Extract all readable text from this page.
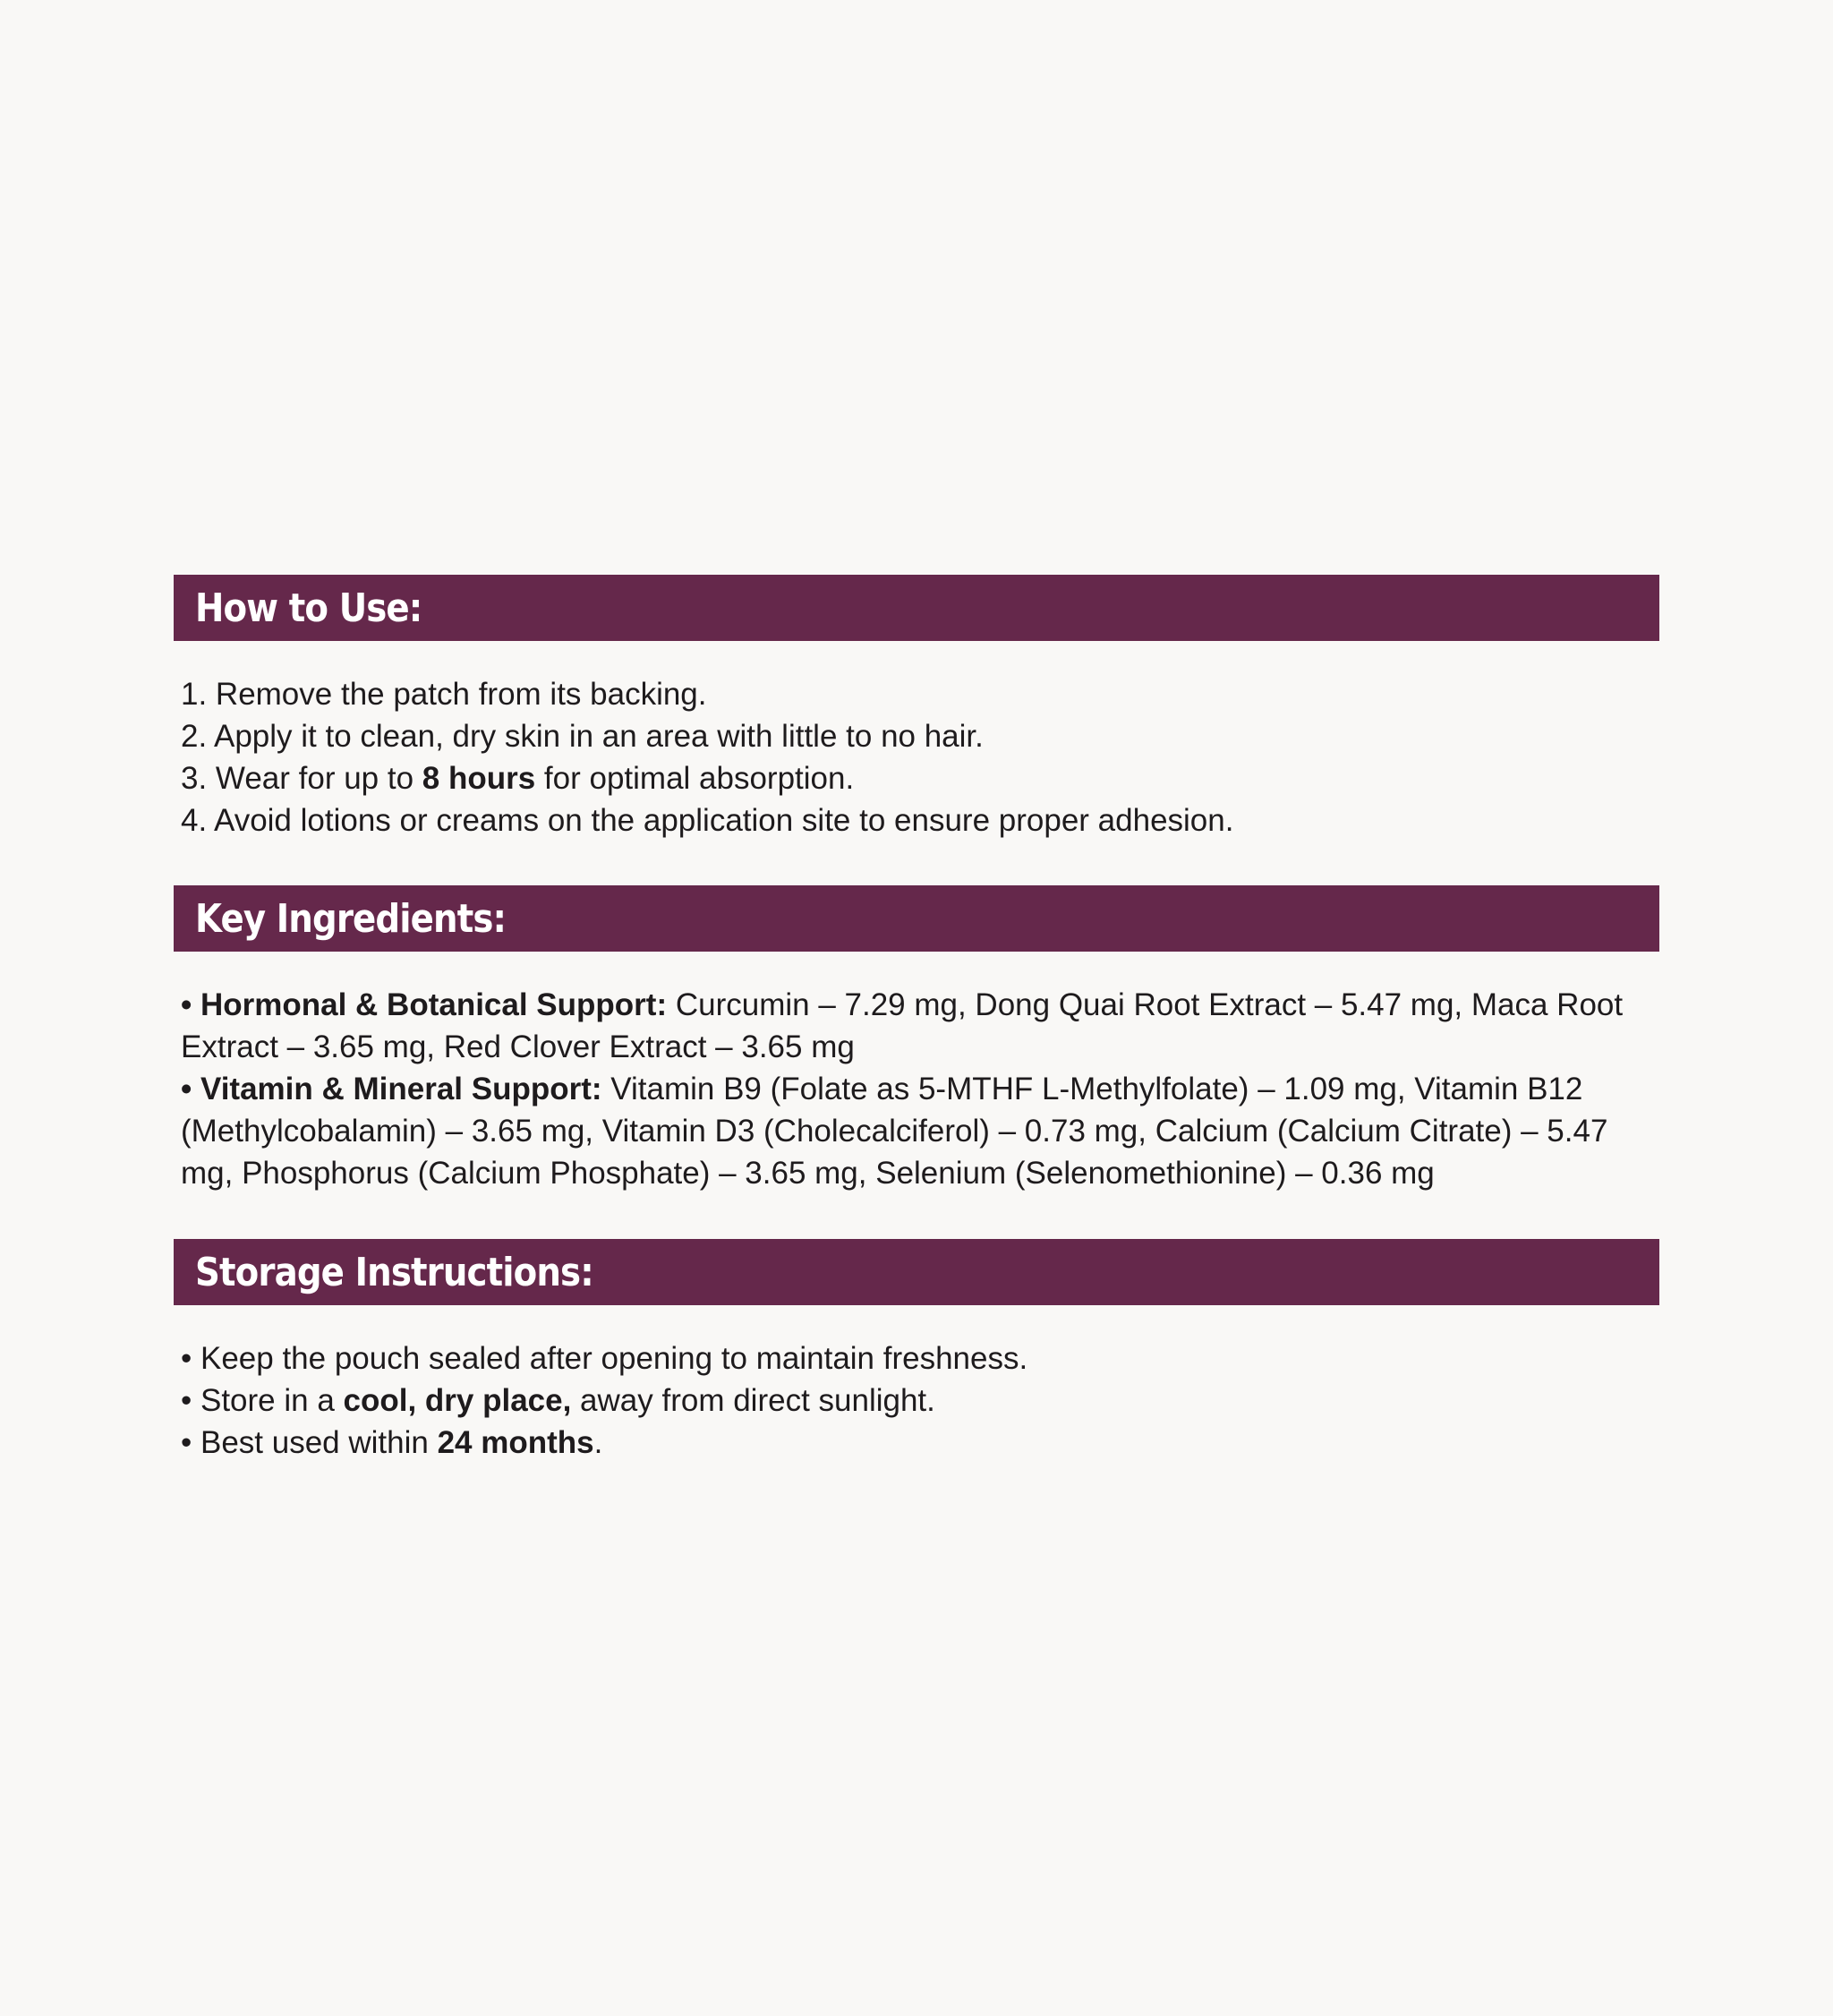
How to Use:

1. Remove the patch from its backing.

2. Apply it to clean, dry skin in an area with little to no hair.

3. Wear for up to 8 hours for optimal absorption.

4. Avoid lotions or creams on the application site to ensure proper adhesion.

Key Ingredients:

• Hormonal & Botanical Support: Curcumin – 7.29 mg, Dong Quai Root Extract – 5.47 mg, Maca Root Extract – 3.65 mg, Red Clover Extract – 3.65 mg

• Vitamin & Mineral Support: Vitamin B9 (Folate as 5-MTHF L-Methylfolate) – 1.09 mg, Vitamin B12 (Methylcobalamin) – 3.65 mg, Vitamin D3 (Cholecalciferol) – 0.73 mg, Calcium (Calcium Citrate) – 5.47 mg, Phosphorus (Calcium Phosphate) – 3.65 mg, Selenium (Selenomethionine) – 0.36 mg

Storage Instructions:

• Keep the pouch sealed after opening to maintain freshness.

• Store in a cool, dry place, away from direct sunlight.

• Best used within 24 months.
